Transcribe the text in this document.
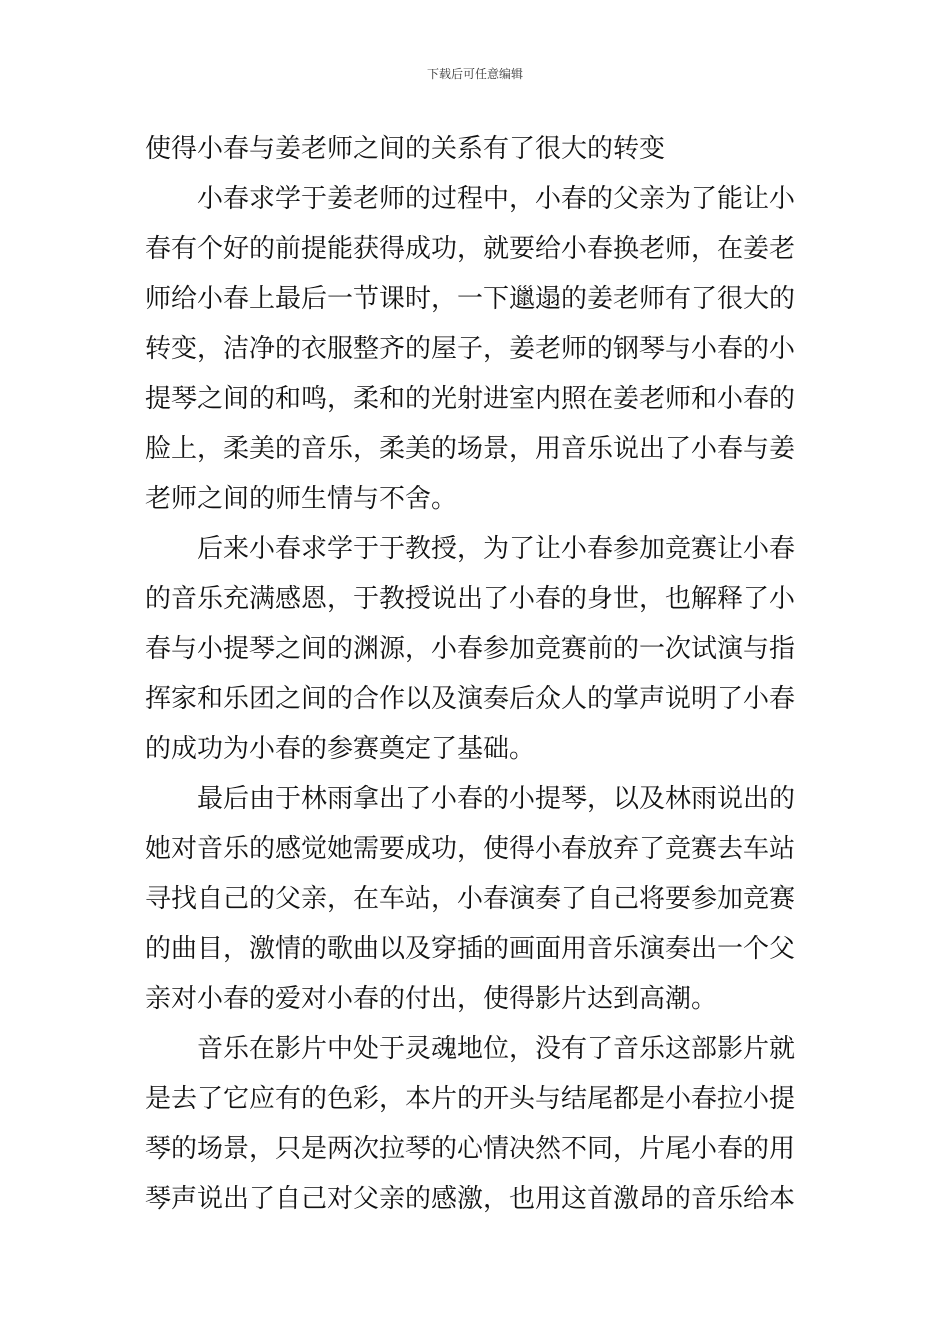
下载后可任意编辑
使得小春与姜老师之间的关系有了很大的转变
小春求学于姜老师的过程中，小春的父亲为了能让小
春有个好的前提能获得成功，就要给小春换老师，在姜老
师给小春上最后一节课时，一下邋遢的姜老师有了很大的
转变，洁净的衣服整齐的屋子，姜老师的钢琴与小春的小
提琴之间的和鸣，柔和的光射进室内照在姜老师和小春的
脸上，柔美的音乐，柔美的场景，用音乐说出了小春与姜
老师之间的师生情与不舍。
后来小春求学于于教授，为了让小春参加竞赛让小春
的音乐充满感恩，于教授说出了小春的身世，也解释了小
春与小提琴之间的渊源，小春参加竞赛前的一次试演与指
挥家和乐团之间的合作以及演奏后众人的掌声说明了小春
的成功为小春的参赛奠定了基础。
最后由于林雨拿出了小春的小提琴，以及林雨说出的
她对音乐的感觉她需要成功，使得小春放弃了竞赛去车站
寻找自己的父亲，在车站，小春演奏了自己将要参加竞赛
的曲目，激情的歌曲以及穿插的画面用音乐演奏出一个父
亲对小春的爱对小春的付出，使得影片达到高潮。
音乐在影片中处于灵魂地位，没有了音乐这部影片就
是去了它应有的色彩，本片的开头与结尾都是小春拉小提
琴的场景，只是两次拉琴的心情决然不同，片尾小春的用
琴声说出了自己对父亲的感激，也用这首激昂的音乐给本
